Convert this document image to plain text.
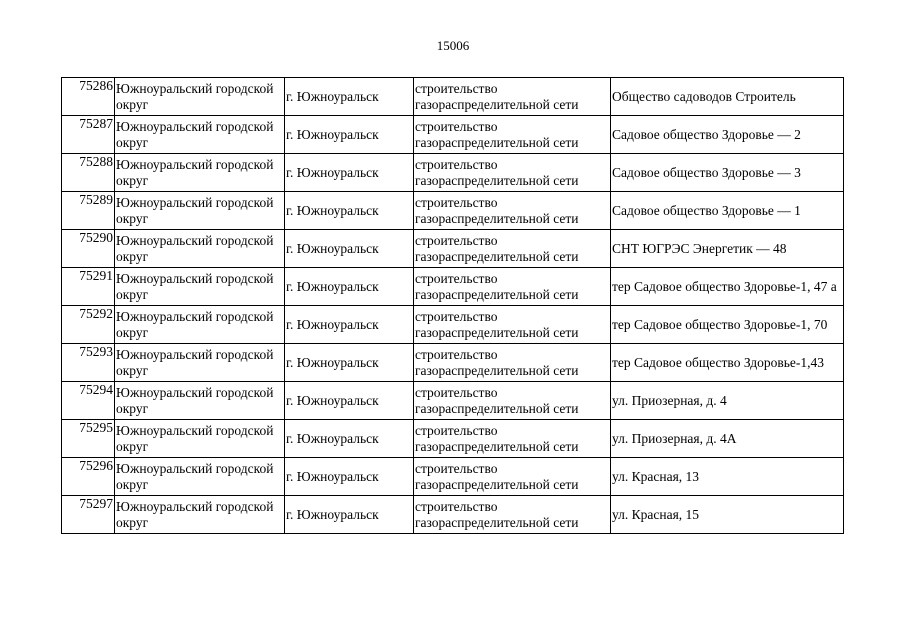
15006
75286	Южноуральский городской округ	г. Южноуральск	строительство газораспределительной сети	Общество садоводов Строитель
75287	Южноуральский городской округ	г. Южноуральск	строительство газораспределительной сети	Садовое общество Здоровье — 2
75288	Южноуральский городской округ	г. Южноуральск	строительство газораспределительной сети	Садовое общество Здоровье — 3
75289	Южноуральский городской округ	г. Южноуральск	строительство газораспределительной сети	Садовое общество Здоровье — 1
75290	Южноуральский городской округ	г. Южноуральск	строительство газораспределительной сети	СНТ ЮГРЭС Энергетик — 48
75291	Южноуральский городской округ	г. Южноуральск	строительство газораспределительной сети	тер Садовое общество Здоровье-1, 47 а
75292	Южноуральский городской округ	г. Южноуральск	строительство газораспределительной сети	тер Садовое общество Здоровье-1, 70
75293	Южноуральский городской округ	г. Южноуральск	строительство газораспределительной сети	тер Садовое общество Здоровье-1,43
75294	Южноуральский городской округ	г. Южноуральск	строительство газораспределительной сети	ул. Приозерная, д. 4
75295	Южноуральский городской округ	г. Южноуральск	строительство газораспределительной сети	ул. Приозерная, д. 4А
75296	Южноуральский городской округ	г. Южноуральск	строительство газораспределительной сети	ул. Красная, 13
75297	Южноуральский городской округ	г. Южноуральск	строительство газораспределительной сети	ул. Красная, 15
